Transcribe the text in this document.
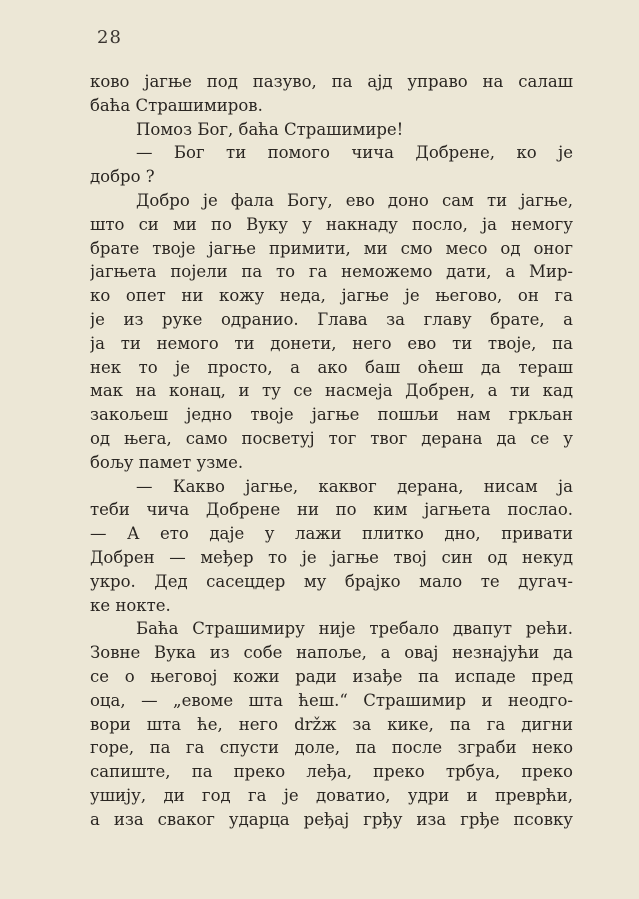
28
ково јагње под пазуво, па ајд управо на салаш
баћа Страшимиров.
Помоз Бог, баћа Страшимире!
— Бог ти помого чича Добрене, ко је
добро ?
Добро је фала Богу, ево доно сам ти јагње,
што си ми по Вуку у накнаду посло, ја немогу
брате твоје јагње примити, ми смо месо од оног
јагњета појели па то га неможемо дати, а Мир-
ко опет ни кожу неда, јагње је његово, он га
је из руке одранио. Глава за главу брате, а
ја ти немого ти донети, него ево ти твоје, па
нек то је просто, а ако баш оћеш да тераш
мак на конац, и ту се насмеја Добрен, а ти кад
закољеш једно твоје јагње пошљи нам гркљан
од њега, само посветуј тог твог дерана да се у
бољу памет узме.
— Какво јагње, каквог дерана, нисам ја
теби чича Добрене ни по ким јагњета послао.
— А ето даје у лажи плитко дно, привати
Добрен — међер то је јагње твој син од некуд
укро. Дед сасецдер му брајко мало те дугач-
ке нокте.
Баћа Страшимиру није требало двапут рећи.
Зовне Вука из собе напоље, а овај незнајући да
се о његовој кожи ради изађе па испаде пред
оца, — „евоме шта ћеш.“ Страшимир и неодго-
вори шта ће, него držж за кике, па га дигни
горе, па га спусти доле, па после зграби неко
сапиште, па преко леђа, преко трбуа, преко
ушију, ди год га је доватио, удри и преврћи,
а иза сваког ударца ређај грђу иза грђе псовку
